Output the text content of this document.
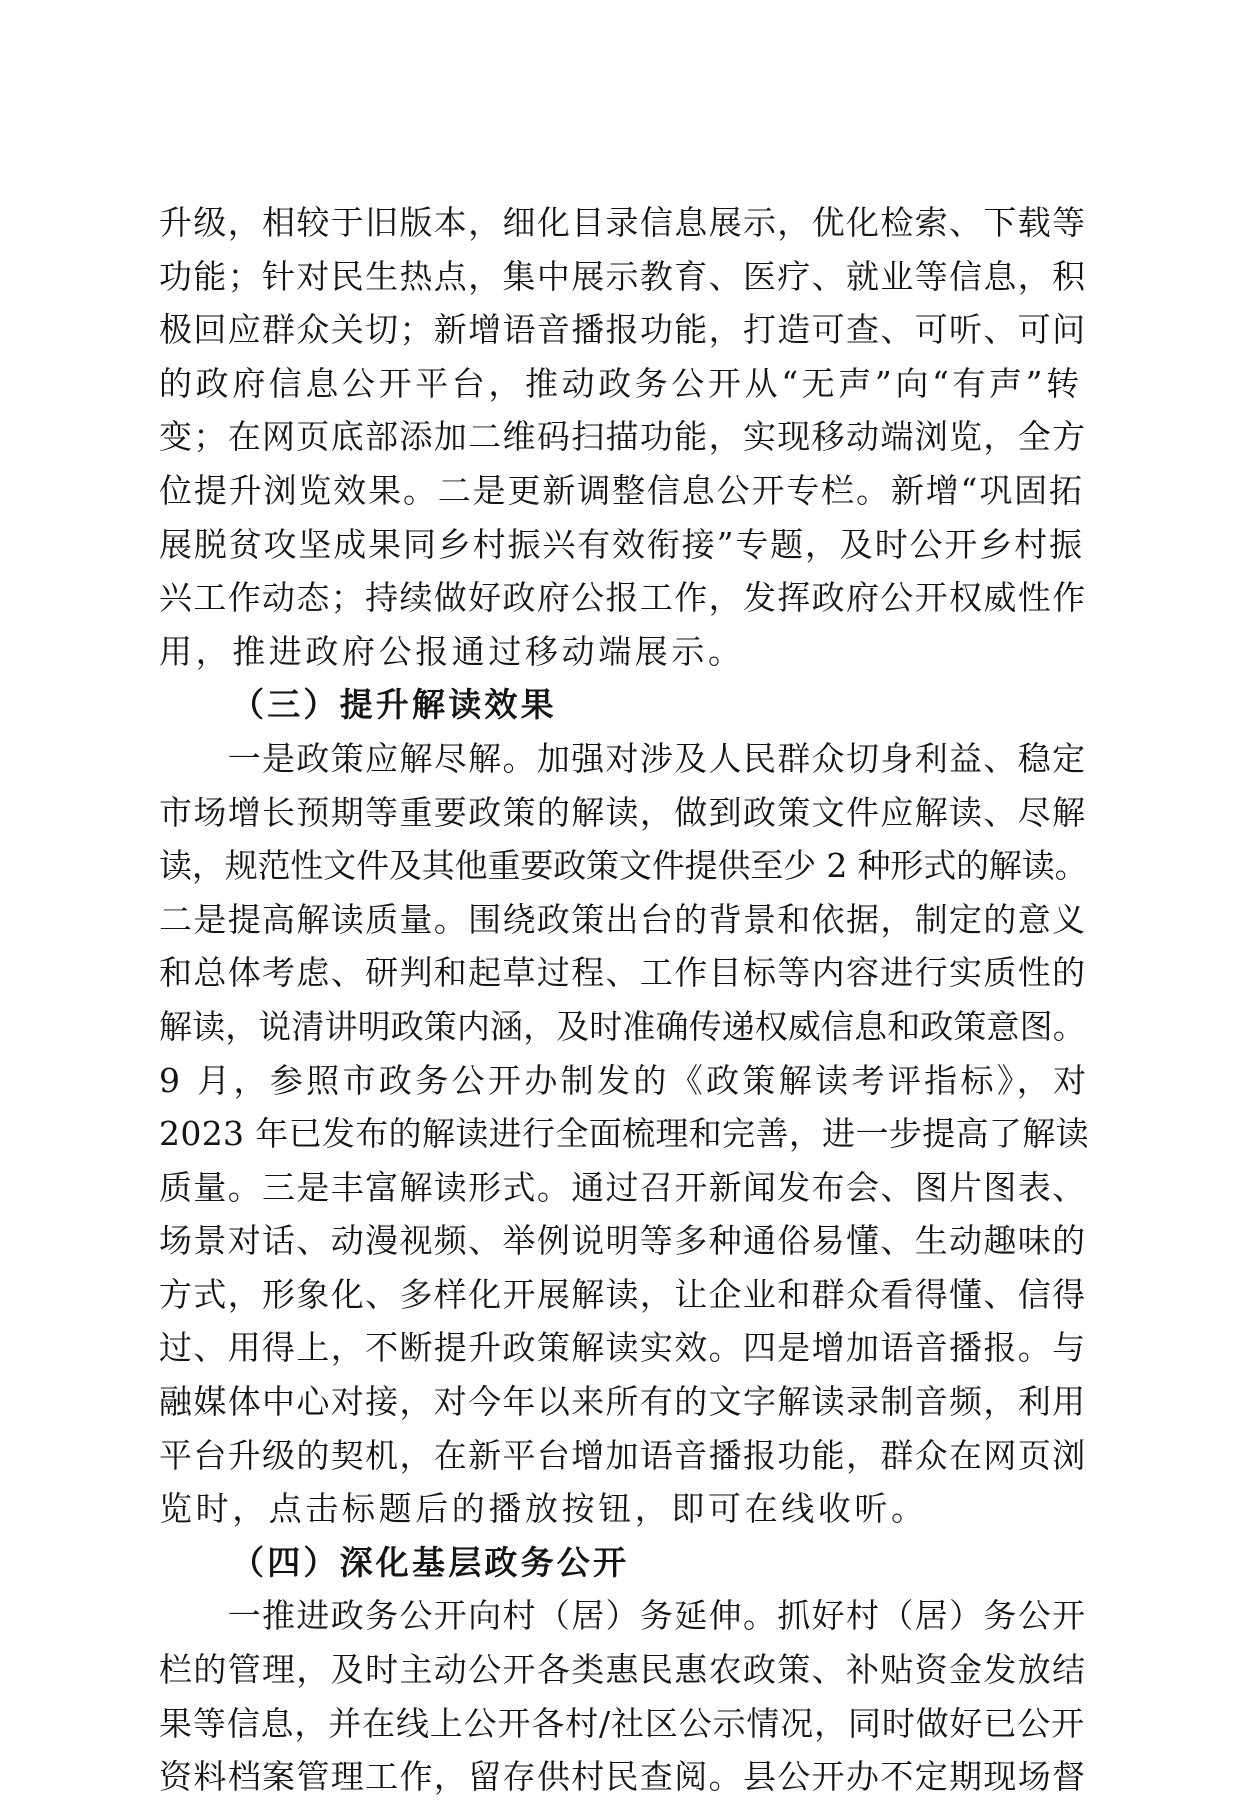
升级，相较于旧版本，细化目录信息展示，优化检索、下载等
功能；针对民生热点，集中展示教育、医疗、就业等信息，积
极回应群众关切；新增语音播报功能，打造可查、可听、可问
的政府信息公开平台，推动政务公开从“无声”向“有声”转
变；在网页底部添加二维码扫描功能，实现移动端浏览，全方
位提升浏览效果。二是更新调整信息公开专栏。新增“巩固拓
展脱贫攻坚成果同乡村振兴有效衔接”专题，及时公开乡村振
兴工作动态；持续做好政府公报工作，发挥政府公开权威性作
用，推进政府公报通过移动端展示。
（三）提升解读效果
　　一是政策应解尽解。加强对涉及人民群众切身利益、稳定
市场增长预期等重要政策的解读，做到政策文件应解读、尽解
读，规范性文件及其他重要政策文件提供至少 2 种形式的解读。
二是提高解读质量。围绕政策出台的背景和依据，制定的意义
和总体考虑、研判和起草过程、工作目标等内容进行实质性的
解读，说清讲明政策内涵，及时准确传递权威信息和政策意图。
9 月，参照市政务公开办制发的《政策解读考评指标》，对
2023 年已发布的解读进行全面梳理和完善，进一步提高了解读
质量。三是丰富解读形式。通过召开新闻发布会、图片图表、
场景对话、动漫视频、举例说明等多种通俗易懂、生动趣味的
方式，形象化、多样化开展解读，让企业和群众看得懂、信得
过、用得上，不断提升政策解读实效。四是增加语音播报。与
融媒体中心对接，对今年以来所有的文字解读录制音频，利用
平台升级的契机，在新平台增加语音播报功能，群众在网页浏
览时，点击标题后的播放按钮，即可在线收听。
（四）深化基层政务公开
　　一推进政务公开向村（居）务延伸。抓好村（居）务公开
栏的管理，及时主动公开各类惠民惠农政策、补贴资金发放结
果等信息，并在线上公开各村/社区公示情况，同时做好已公开
资料档案管理工作，留存供村民查阅。县公开办不定期现场督
